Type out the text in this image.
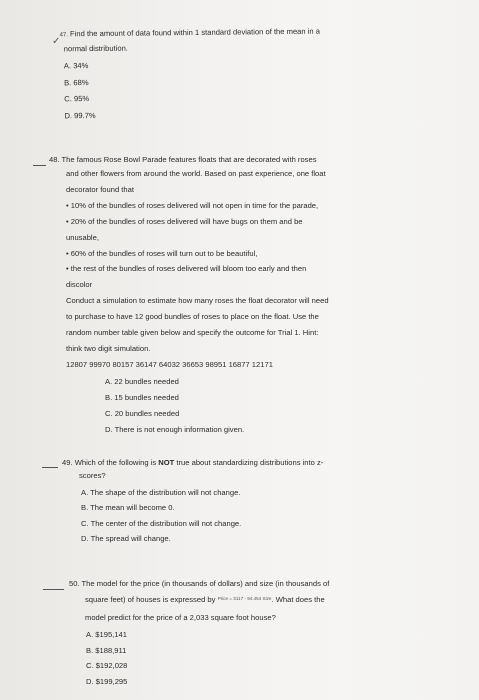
✓
47. Find the amount of data found within 1 standard deviation of the mean in a
normal distribution.
A. 34%
B. 68%
C. 95%
D. 99.7%
48. The famous Rose Bowl Parade features floats that are decorated with roses
and other flowers from around the world. Based on past experience, one float
decorator found that
• 10% of the bundles of roses delivered will not open in time for the parade,
• 20% of the bundles of roses delivered will have bugs on them and be
unusable,
• 60% of the bundles of roses will turn out to be beautiful,
• the rest of the bundles of roses delivered will bloom too early and then
discolor
Conduct a simulation to estimate how many roses the float decorator will need
to purchase to have 12 good bundles of roses to place on the float. Use the
random number table given below and specify the outcome for Trial 1. Hint:
think two digit simulation.
12807 99970 80157 36147 64032 36653 98951 16877 12171
A. 22 bundles needed
B. 15 bundles needed
C. 20 bundles needed
D. There is not enough information given.
49. Which of the following is NOT true about standardizing distributions into z-
scores?
A. The shape of the distribution will not change.
B. The mean will become 0.
C. The center of the distribution will not change.
D. The spread will change.
50. The model for the price (in thousands of dollars) and size (in thousands of
square feet) of houses is expressed by $^{Price = 3117 - 94.454 Size}$. What does the
model predict for the price of a 2,033 square foot house?
A. $195,141
B. $188,911
C. $192,028
D. $199,295
